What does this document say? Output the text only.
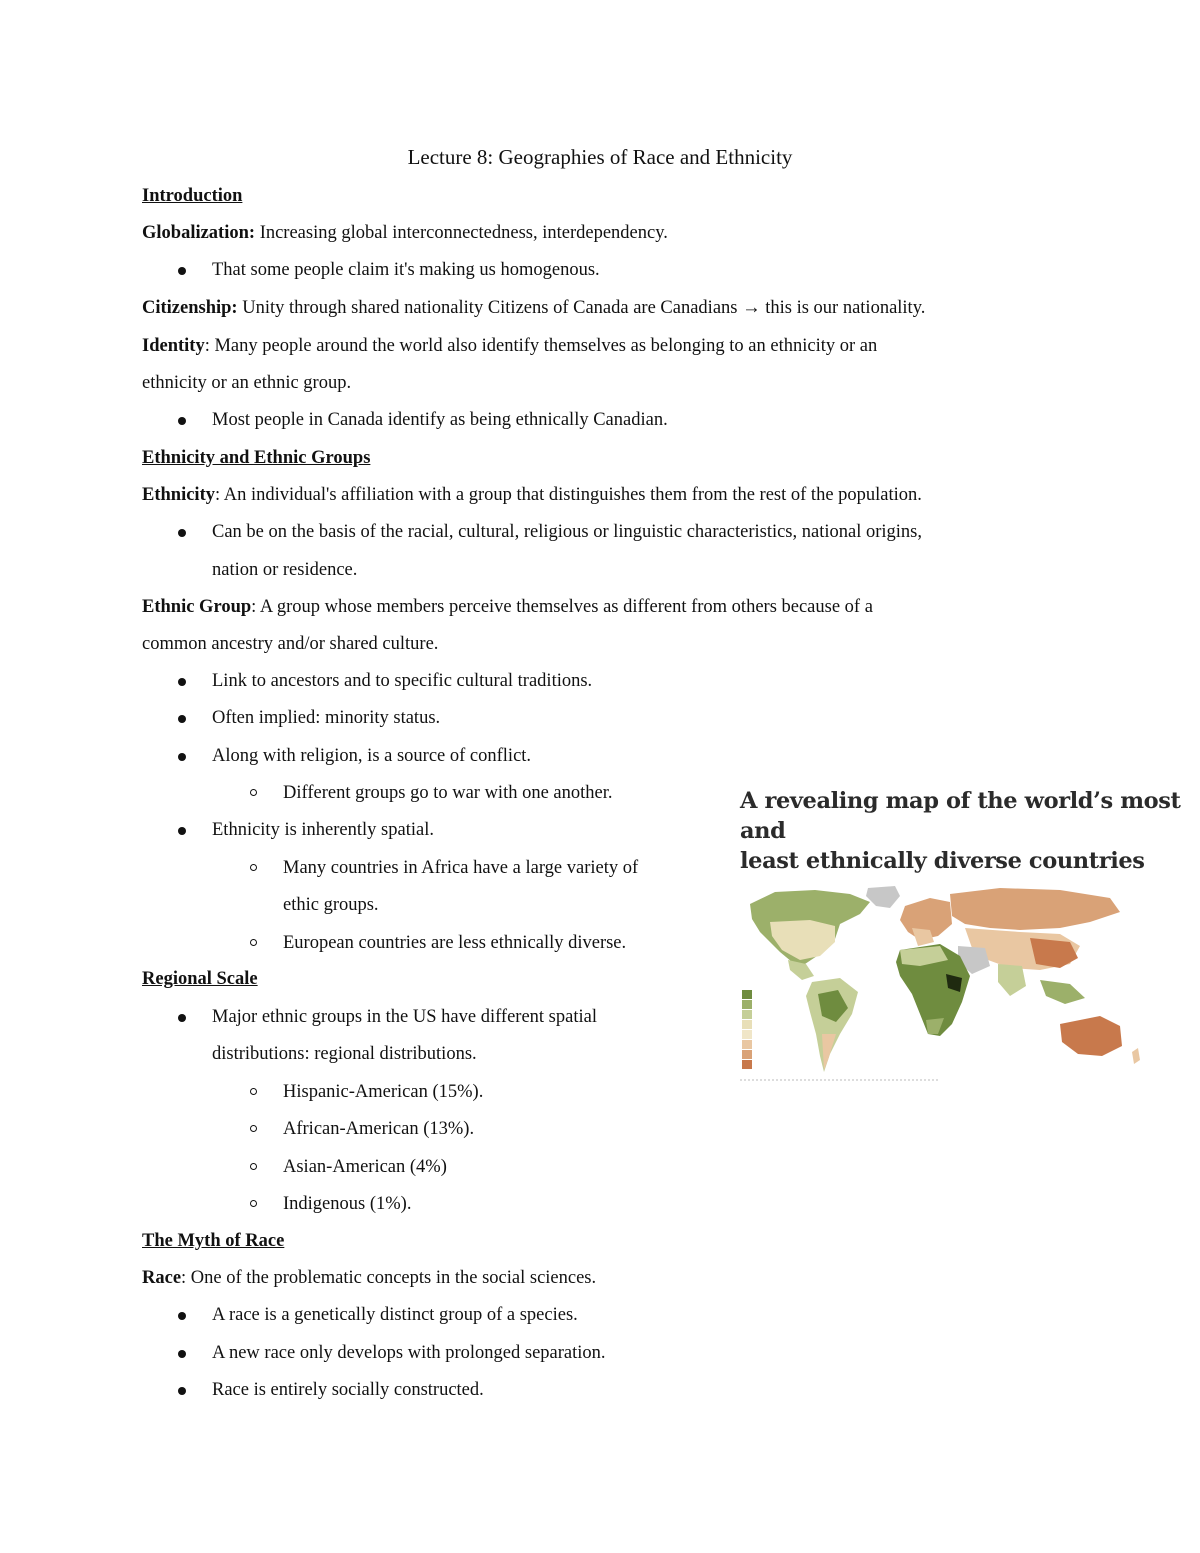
Lecture 8: Geographies of Race and Ethnicity
Introduction
Globalization: Increasing global interconnectedness, interdependency.
That some people claim it's making us homogenous.
Citizenship: Unity through shared nationality Citizens of Canada are Canadians → this is our nationality.
Identity: Many people around the world also identify themselves as belonging to an ethnicity or an
ethnicity or an ethnic group.
Most people in Canada identify as being ethnically Canadian.
Ethnicity and Ethnic Groups
Ethnicity: An individual's affiliation with a group that distinguishes them from the rest of the population.
Can be on the basis of the racial, cultural, religious or linguistic characteristics, national origins,
nation or residence.
Ethnic Group: A group whose members perceive themselves as different from others because of a
common ancestry and/or shared culture.
Link to ancestors and to specific cultural traditions.
Often implied: minority status.
Along with religion, is a source of conflict.
Different groups go to war with one another.
Ethnicity is inherently spatial.
Many countries in Africa have a large variety of
ethic groups.
European countries are less ethnically diverse.
Regional Scale
Major ethnic groups in the US have different spatial
distributions: regional distributions.
Hispanic-American (15%).
African-American (13%).
Asian-American (4%)
Indigenous (1%).
The Myth of Race
Race: One of the problematic concepts in the social sciences.
A race is a genetically distinct group of a species.
A new race only develops with prolonged separation.
Race is entirely socially constructed.
A revealing map of the world’s most and
least ethnically diverse countries
